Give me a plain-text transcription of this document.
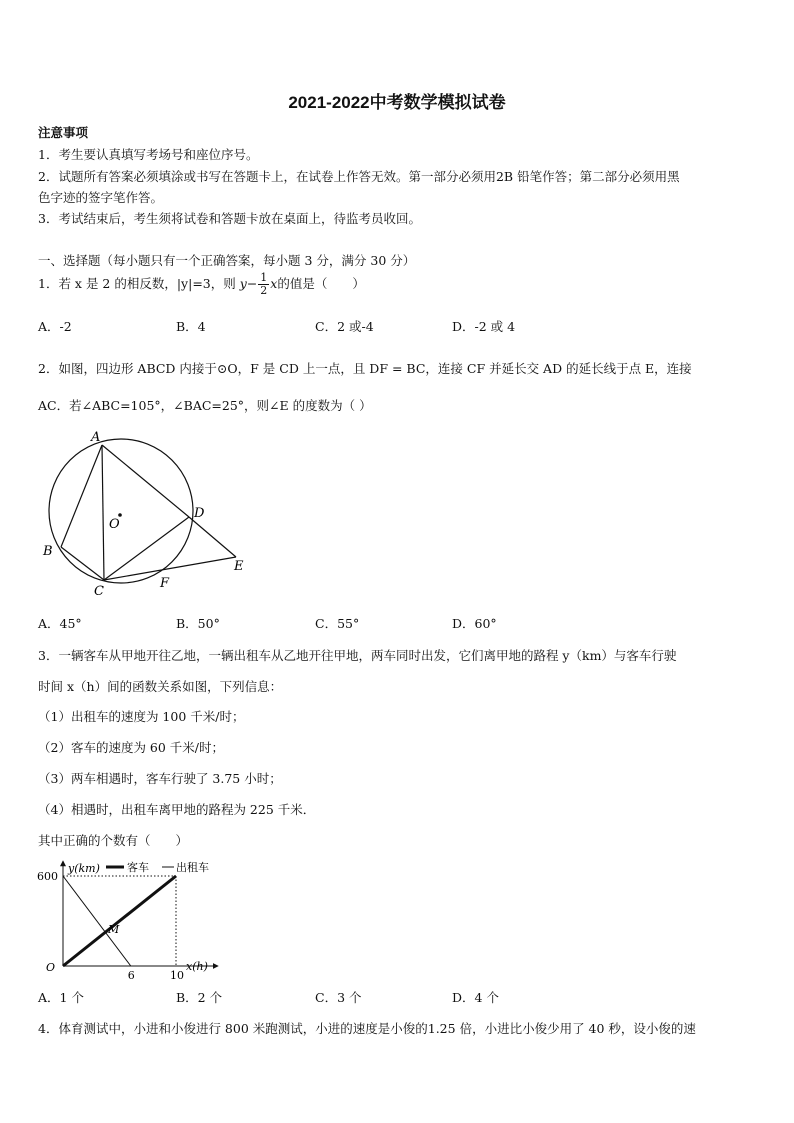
2021-2022中考数学模拟试卷
注意事项
1．考生要认真填写考场号和座位序号。
2．试题所有答案必须填涂或书写在答题卡上，在试卷上作答无效。第一部分必须用2B 铅笔作答；第二部分必须用黑
色字迹的签字笔作答。
3．考试结束后，考生须将试卷和答题卡放在桌面上，待监考员收回。
一、选择题（每小题只有一个正确答案，每小题 3 分，满分 30 分）
1．若 x 是 2 的相反数，|y|=3，则 $y- \frac{1}{2}$ x的值是（　　）
A．-2	B．4	C．2 或-4	D．-2 或 4
2．如图，四边形 ABCD 内接于⊙O，F 是 CD 上一点，且 DF = BC，连接 CF 并延长交 AD 的延长线于点 E，连接
AC．若∠ABC=105°，∠BAC=25°，则∠E 的度数为（ ）
A
B
C
D
E
F
O
A．45°	B．50°	C．55°	D．60°
3．一辆客车从甲地开往乙地，一辆出租车从乙地开往甲地，两车同时出发，它们离甲地的路程 y（km）与客车行驶
时间 x（h）间的函数关系如图，下列信息：
（1）出租车的速度为 100 千米/时；
（2）客车的速度为 60 千米/时；
（3）两车相遇时，客车行驶了 3.75 小时；
（4）相遇时，出租车离甲地的路程为 225 千米．
其中正确的个数有（　　）
600
6	10
y(km)
x(h)
O
M
客车 出租车
A．1 个	B．2 个	C．3 个	D．4 个
4．体育测试中，小进和小俊进行 800 米跑测试，小进的速度是小俊的1.25 倍，小进比小俊少用了 40 秒，设小俊的速
